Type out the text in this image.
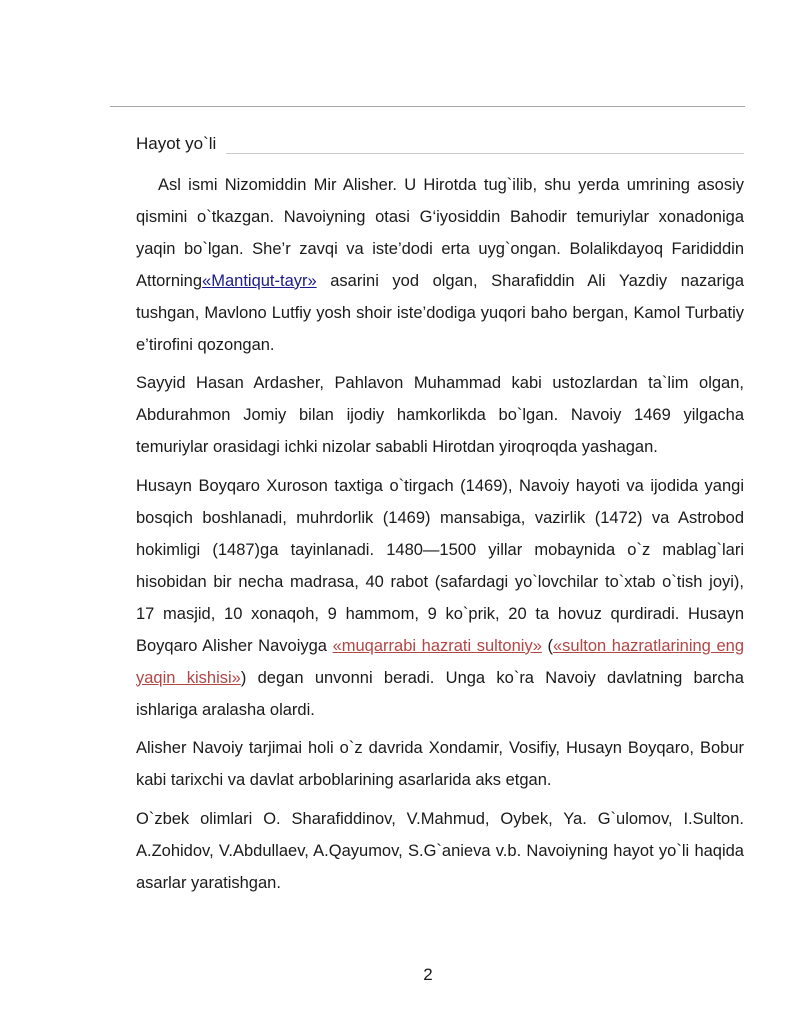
Hayot yo`li

Asl ismi Nizomiddin Mir Alisher. U Hirotda tug`ilib, shu yerda umrining asosiy qismini o`tkazgan. Navoiyning otasi G‘iyosiddin Bahodir temuriylar xonadoniga yaqin bo`lgan. She’r zavqi va iste’dodi erta uyg`ongan. Bolalikdayoq Farididdin Attorning«Mantiqut-tayr» asarini yod olgan, Sharafiddin Ali Yazdiy nazariga tushgan, Mavlono Lutfiy yosh shoir iste’dodiga yuqori baho bergan, Kamol Turbatiy e’tirofini qozongan.

Sayyid Hasan Ardasher, Pahlavon Muhammad kabi ustozlardan ta`lim olgan, Abdurahmon Jomiy bilan ijodiy hamkorlikda bo`lgan. Navoiy 1469 yilgacha temuriylar orasidagi ichki nizolar sababli Hirotdan yiroqroqda yashagan.

Husayn Boyqaro Xuroson taxtiga o`tirgach (1469), Navoiy hayoti va ijodida yangi bosqich boshlanadi, muhrdorlik (1469) mansabiga, vazirlik (1472) va Astrobod hokimligi (1487)ga tayinlanadi. 1480—1500 yillar mobaynida o`z mablag`lari hisobidan bir necha madrasa, 40 rabot (safardagi yo`lovchilar to`xtab o`tish joyi), 17 masjid, 10 xonaqoh, 9 hammom, 9 ko`prik, 20 ta hovuz qurdiradi. Husayn Boyqaro Alisher Navoiyga «muqarrabi hazrati sultoniy» («sulton hazratlarining eng yaqin kishisi») degan unvonni beradi. Unga ko`ra Navoiy davlatning barcha ishlariga aralasha olardi.

Alisher Navoiy tarjimai holi o`z davrida Xondamir, Vosifiy, Husayn Boyqaro, Bobur kabi tarixchi va davlat arboblarining asarlarida aks etgan.

O`zbek olimlari O. Sharafiddinov, V.Mahmud, Oybek, Ya. G`ulomov, I.Sulton. A.Zohidov, V.Abdullaev, A.Qayumov, S.G`anieva v.b. Navoiyning hayot yo`li haqida asarlar yaratishgan.

2
